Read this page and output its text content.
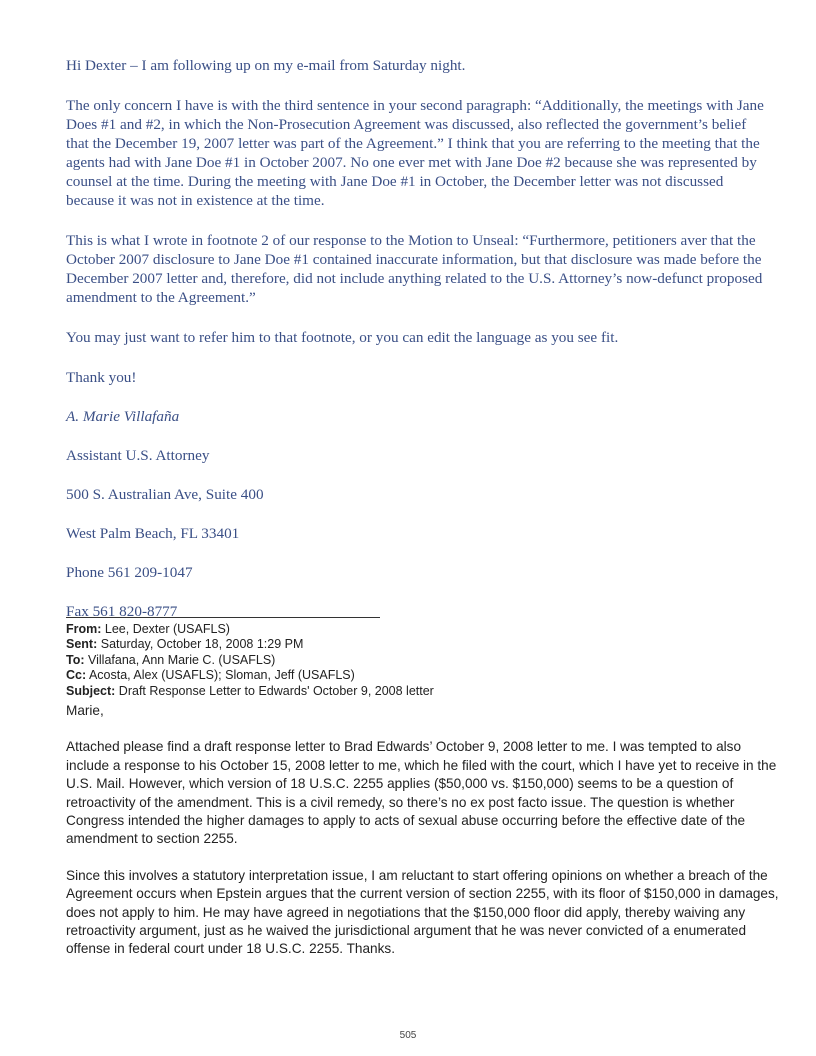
Hi Dexter – I am following up on my e-mail from Saturday night.

The only concern I have is with the third sentence in your second paragraph: “Additionally, the meetings with Jane Does #1 and #2, in which the Non-Prosecution Agreement was discussed, also reflected the government’s belief that the December 19, 2007 letter was part of the Agreement.” I think that you are referring to the meeting that the agents had with Jane Doe #1 in October 2007. No one ever met with Jane Doe #2 because she was represented by counsel at the time. During the meeting with Jane Doe #1 in October, the December letter was not discussed because it was not in existence at the time.

This is what I wrote in footnote 2 of our response to the Motion to Unseal: “Furthermore, petitioners aver that the October 2007 disclosure to Jane Doe #1 contained inaccurate information, but that disclosure was made before the December 2007 letter and, therefore, did not include anything related to the U.S. Attorney’s now-defunct proposed amendment to the Agreement.”

You may just want to refer him to that footnote, or you can edit the language as you see fit.

Thank you!

A. Marie Villafaña

Assistant U.S. Attorney

500 S. Australian Ave, Suite 400

West Palm Beach, FL 33401

Phone 561 209-1047

Fax 561 820-8777

From: Lee, Dexter (USAFLS)
Sent: Saturday, October 18, 2008 1:29 PM
To: Villafana, Ann Marie C. (USAFLS)
Cc: Acosta, Alex (USAFLS); Sloman, Jeff (USAFLS)
Subject: Draft Response Letter to Edwards' October 9, 2008 letter

Marie,

Attached please find a draft response letter to Brad Edwards’ October 9, 2008 letter to me. I was tempted to also include a response to his October 15, 2008 letter to me, which he filed with the court, which I have yet to receive in the U.S. Mail. However, which version of 18 U.S.C. 2255 applies ($50,000 vs. $150,000) seems to be a question of retroactivity of the amendment. This is a civil remedy, so there’s no ex post facto issue. The question is whether Congress intended the higher damages to apply to acts of sexual abuse occurring before the effective date of the amendment to section 2255.

Since this involves a statutory interpretation issue, I am reluctant to start offering opinions on whether a breach of the Agreement occurs when Epstein argues that the current version of section 2255, with its floor of $150,000 in damages, does not apply to him. He may have agreed in negotiations that the $150,000 floor did apply, thereby waiving any retroactivity argument, just as he waived the jurisdictional argument that he was never convicted of a enumerated offense in federal court under 18 U.S.C. 2255. Thanks.

505
